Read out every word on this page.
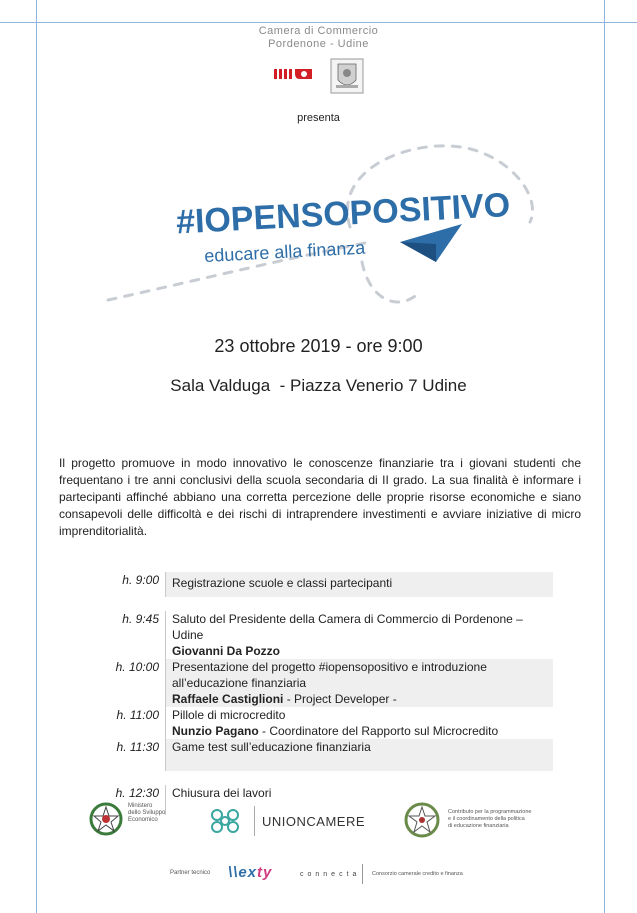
Camera di Commercio
Pordenone - Udine
presenta
#IOPENSOPOSITIVO
educare alla finanza
23 ottobre 2019 - ore 9:00
Sala Valduga  - Piazza Venerio 7 Udine

Il progetto promuove in modo innovativo le conoscenze finanziarie tra i giovani studenti che frequentano i tre anni conclusivi della scuola secondaria di II grado. La sua finalità è informare i partecipanti affinché abbiano una corretta percezione delle proprie risorse economiche e siano consapevoli delle difficoltà e dei rischi di intraprendere investimenti e avviare iniziative di micro imprenditorialità.

h. 9:00	Registrazione scuole e classi partecipanti
h. 9:45	Saluto del Presidente della Camera di Commercio di Pordenone –
Udine
Giovanni Da Pozzo
h. 10:00	Presentazione del progetto #iopensopositivo e introduzione
all’educazione finanziaria
Raffaele Castiglioni - Project Developer -
h. 11:00	Pillole di microcredito
Nunzio Pagano - Coordinatore del Rapporto sul Microcredito
h. 11:30	Game test sull’educazione finanziaria
h. 12:30	Chiusura dei lavori
Ministero
dello Sviluppo
Economico	UNIONCAMERE
Contributo per la programmazione
e il coordinamento della politica
di educazione finanziaria
Partner tecnico \\exty	connecta Consorzio camerale credito e finanza
